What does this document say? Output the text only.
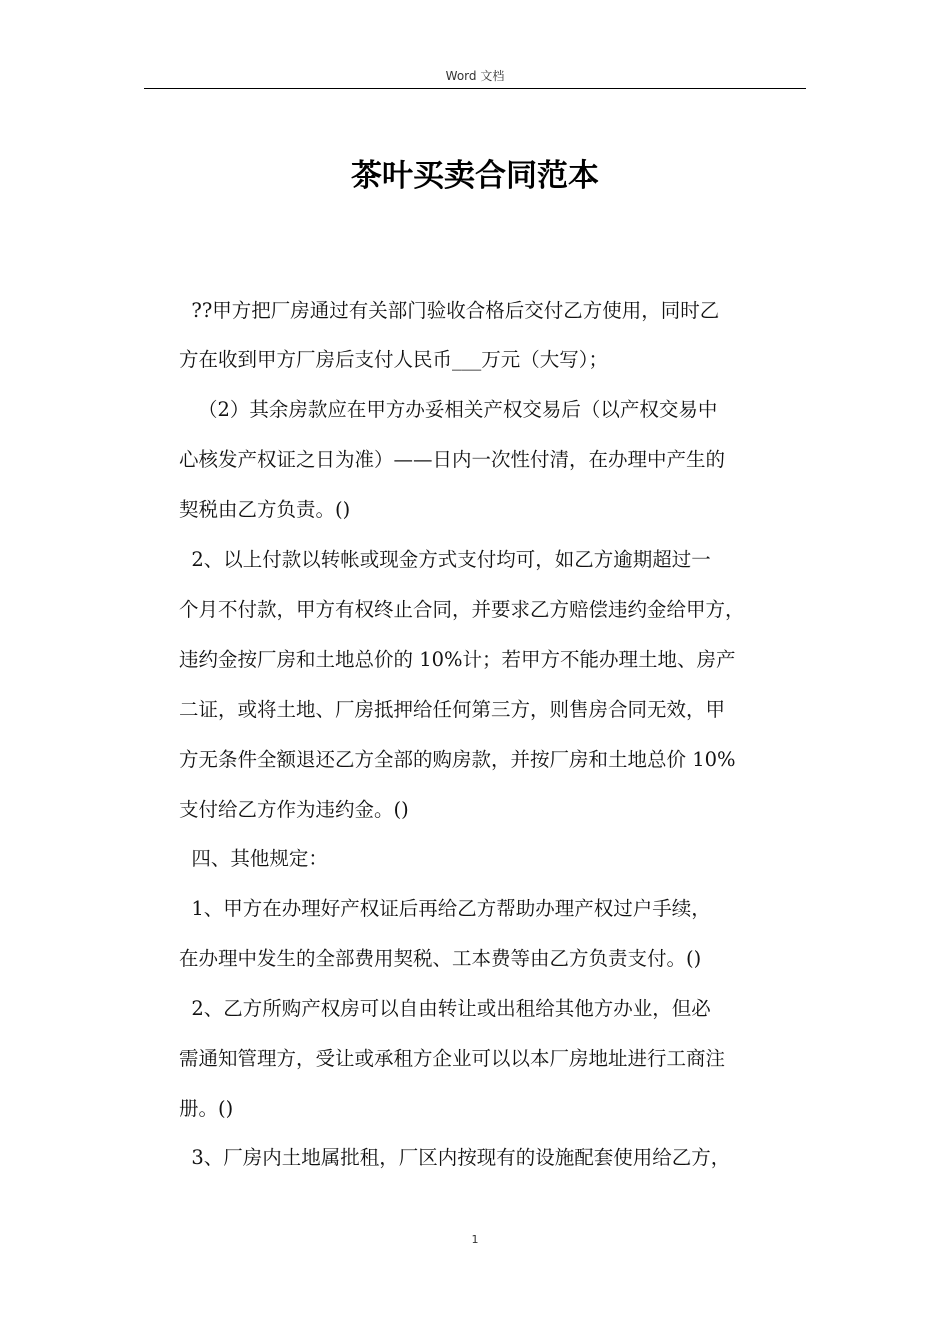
Word 文档
茶叶买卖合同范本
??甲方把厂房通过有关部门验收合格后交付乙方使用，同时乙
方在收到甲方厂房后支付人民币___万元（大写）；
（2）其余房款应在甲方办妥相关产权交易后（以产权交易中
心核发产权证之日为准）——日内一次性付清，在办理中产生的
契税由乙方负责。()
2、以上付款以转帐或现金方式支付均可，如乙方逾期超过一
个月不付款，甲方有权终止合同，并要求乙方赔偿违约金给甲方，
违约金按厂房和土地总价的 10%计；若甲方不能办理土地、房产
二证，或将土地、厂房抵押给任何第三方，则售房合同无效，甲
方无条件全额退还乙方全部的购房款，并按厂房和土地总价 10%
支付给乙方作为违约金。()
四、其他规定：
1、甲方在办理好产权证后再给乙方帮助办理产权过户手续，
在办理中发生的全部费用契税、工本费等由乙方负责支付。()
2、乙方所购产权房可以自由转让或出租给其他方办业，但必
需通知管理方，受让或承租方企业可以以本厂房地址进行工商注
册。()
3、厂房内土地属批租，厂区内按现有的设施配套使用给乙方，
1
